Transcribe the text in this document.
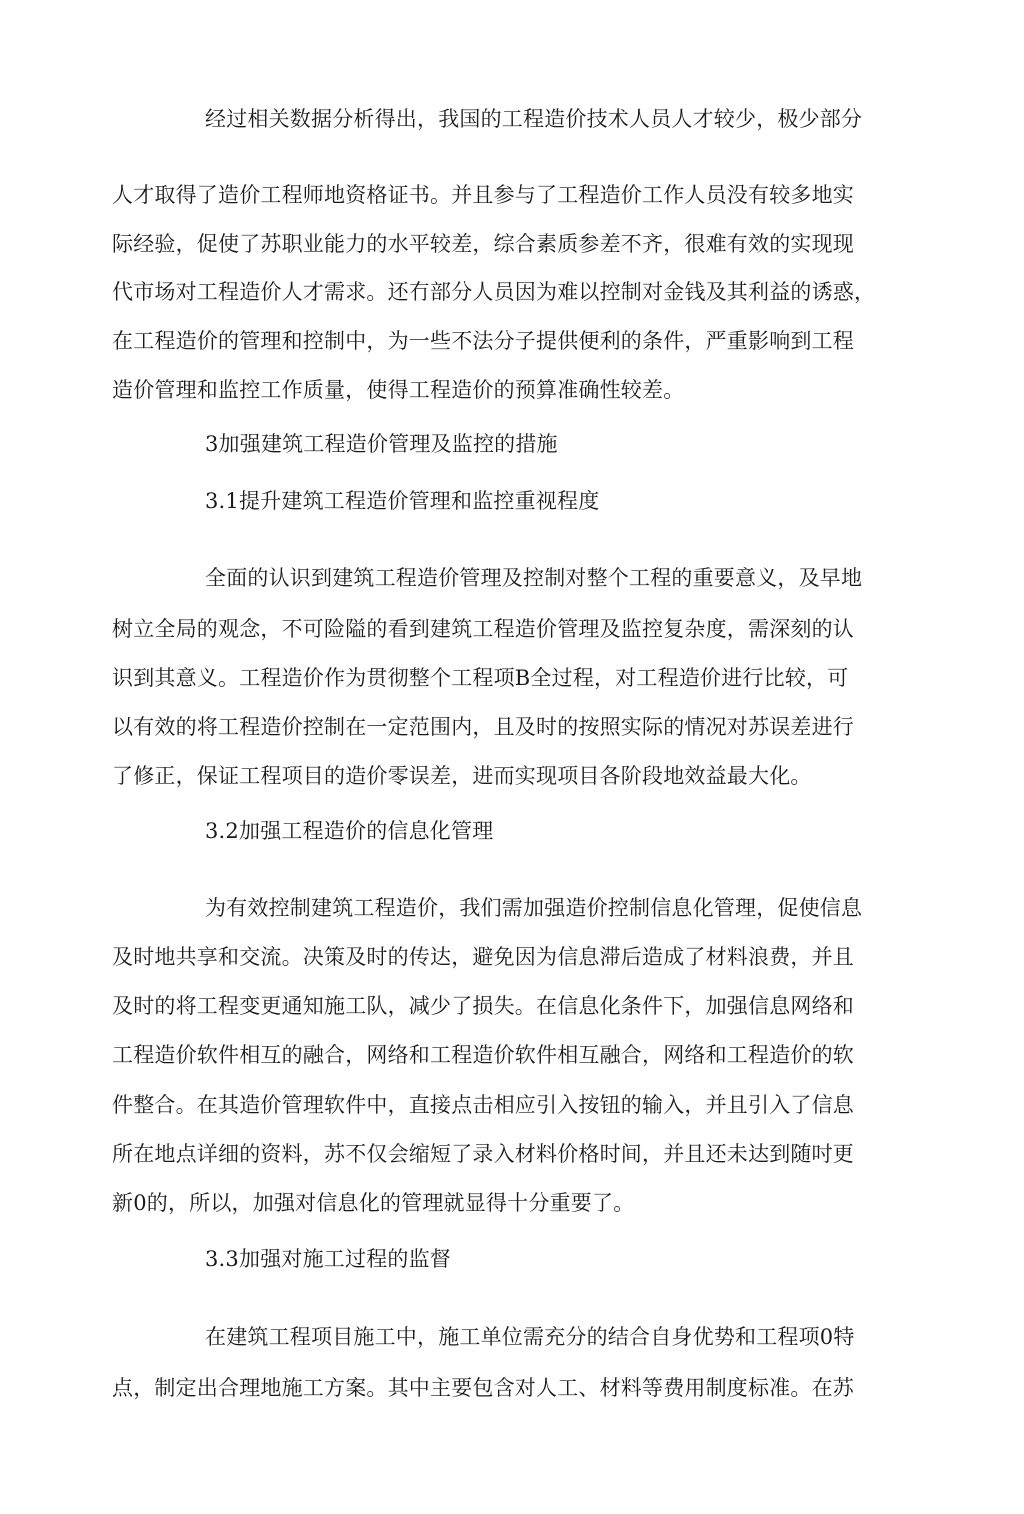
经过相关数据分析得出，我国的工程造价技术人员人才较少，极少部分
人才取得了造价工程师地资格证书。并且参与了工程造价工作人员没有较多地实
际经验，促使了苏职业能力的水平较差，综合素质参差不齐，很难有效的实现现
代市场对工程造价人才需求。还冇部分人员因为难以控制对金钱及其利益的诱惑，
在工程造价的管理和控制中，为一些不法分子提供便利的条件，严重影响到工程
造价管理和监控工作质量，使得工程造价的预算准确性较差。
3加强建筑工程造价管理及监控的措施
3.1提升建筑工程造价管理和监控重视程度
全面的认识到建筑工程造价管理及控制对整个工程的重要意义，及早地
树立全局的观念，不可险隘的看到建筑工程造价管理及监控复杂度，需深刻的认
识到其意义。工程造价作为贯彻整个工程项B全过程，对工程造价进行比较，可
以有效的将工程造价控制在一定范围内，且及时的按照实际的情况对苏误差进行
了修正，保证工程项目的造价零误差，进而实现项目各阶段地效益最大化。
3.2加强工程造价的信息化管理
为有效控制建筑工程造价，我们需加强造价控制信息化管理，促使信息
及时地共享和交流。决策及时的传达，避免因为信息滞后造成了材料浪费，并且
及时的将工程变更通知施工队，减少了损失。在信息化条件下，加强信息网络和
工程造价软件相互的融合，网络和工程造价软件相互融合，网络和工程造价的软
件整合。在其造价管理软件中，直接点击相应引入按钮的输入，并且引入了信息
所在地点详细的资料，苏不仅会缩短了录入材料价格时间，并且还未达到随吋更
新0的，所以，加强对信息化的管理就显得十分重要了。
3.3加强对施工过程的监督
在建筑工程项目施工中，施工单位需充分的结合自身优势和工程项0特
点，制定出合理地施工方案。其中主要包含对人工、材料等费用制度标准。在苏
